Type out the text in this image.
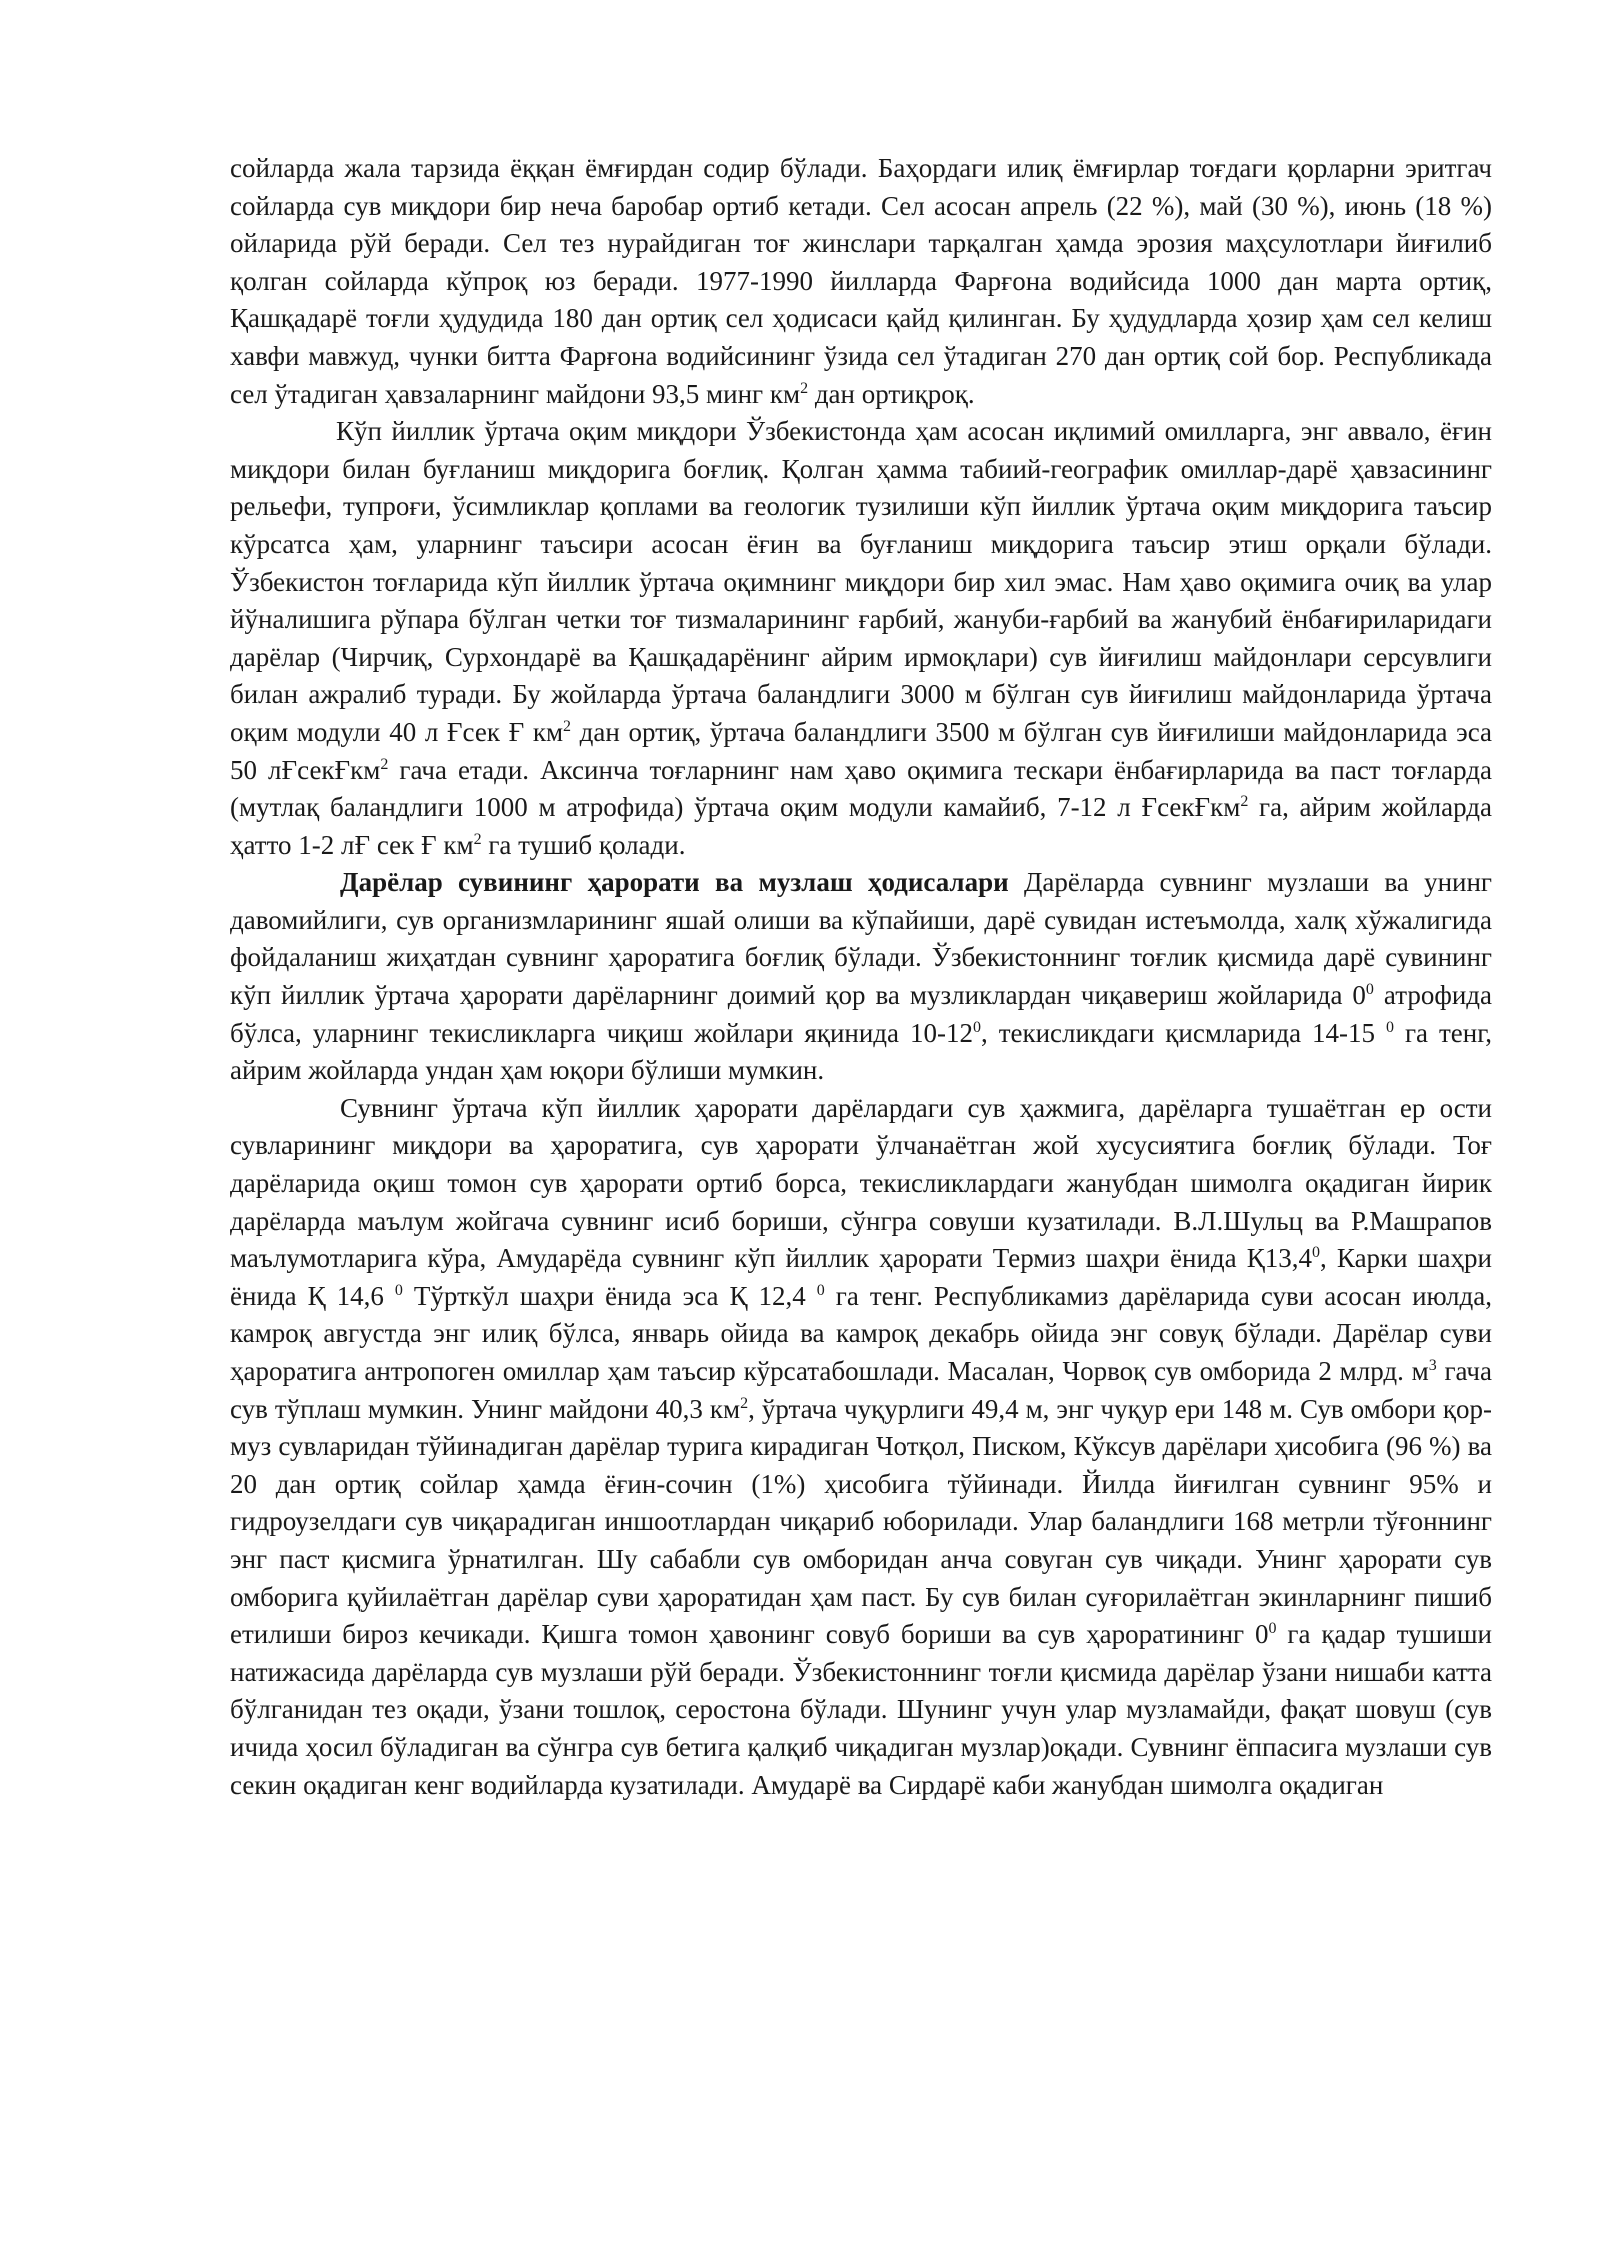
сойларда жала тарзида ёққан ёмғирдан содир бўлади. Баҳордаги илиқ ёмғирлар тоғдаги қорларни эритгач сойларда сув миқдори бир неча баробар ортиб кетади. Сел асосан апрель (22 %), май (30 %), июнь (18 %) ойларида рўй беради. Сел тез нурайдиган тоғ жинслари тарқалган ҳамда эрозия маҳсулотлари йиғилиб қолган сойларда кўпроқ юз беради. 1977-1990 йилларда Фарғона водийсида 1000 дан марта ортиқ, Қашқадарё тоғли ҳудудида 180 дан ортиқ сел ҳодисаси қайд қилинган. Бу ҳудудларда ҳозир ҳам сел келиш хавфи мавжуд, чунки битта Фарғона водийсининг ўзида сел ўтадиган 270 дан ортиқ сой бор. Республикада сел ўтадиган ҳавзаларнинг майдони 93,5 минг $км^2$ дан ортиқроқ.

Кўп йиллик ўртача оқим миқдори Ўзбекистонда ҳам асосан иқлимий омилларга, энг аввало, ёғин миқдори билан буғланиш миқдорига боғлиқ. Қолган ҳамма табиий-географик омиллар-дарё ҳавзасининг рельефи, тупроғи, ўсимликлар қоплами ва геологик тузилиши кўп йиллик ўртача оқим миқдорига таъсир кўрсатса ҳам, уларнинг таъсири асосан ёғин ва буғланиш миқдорига таъсир этиш орқали бўлади. Ўзбекистон тоғларида кўп йиллик ўртача оқимнинг миқдори бир хил эмас. Нам ҳаво оқимига очиқ ва улар йўналишига рўпара бўлган четки тоғ тизмаларининг ғарбий, жануби-ғарбий ва жанубий ёнбағириларидаги дарёлар (Чирчиқ, Сурхондарё ва Қашқадарёнинг айрим ирмоқлари) сув йиғилиш майдонлари серсувлиги билан ажралиб туради. Бу жойларда ўртача баландлиги 3000 м бўлган сув йиғилиш майдонларида ўртача оқим модули 40 л Ғсек Ғ $км^2$ дан ортиқ, ўртача баландлиги 3500 м бўлган сув йиғилиши майдонларида эса 50 лҒсекҒкм$^2$ гача етади. Аксинча тоғларнинг нам ҳаво оқимига тескари ёнбағирларида ва паст тоғларда (мутлақ баландлиги 1000 м атрофида) ўртача оқим модули камайиб, 7-12 л ҒсекҒкм$^2$ га, айрим жойларда ҳатто 1-2 лҒ сек Ғ $км^2$ га тушиб қолади.

Дарёлар сувининг ҳарорати ва музлаш ҳодисалари Дарёларда сувнинг музлаши ва унинг давомийлиги, сув организмларининг яшай олиши ва кўпайиши, дарё сувидан истеъмолда, халқ хўжалигида фойдаланиш жиҳатдан сувнинг ҳароратига боғлиқ бўлади. Ўзбекистоннинг тоғлик қисмида дарё сувининг кўп йиллик ўртача ҳарорати дарёларнинг доимий қор ва музликлардан чиқавериш жойларида $0^0$ атрофида бўлса, уларнинг текисликларга чиқиш жойлари яқинида $10-12^0$, текисликдаги қисмларида 14-15 $^0$ га тенг, айрим жойларда ундан ҳам юқори бўлиши мумкин.

Сувнинг ўртача кўп йиллик ҳарорати дарёлардаги сув ҳажмига, дарёларга тушаётган ер ости сувларининг миқдори ва ҳароратига, сув ҳарорати ўлчанаётган жой хусусиятига боғлиқ бўлади. Тоғ дарёларида оқиш томон сув ҳарорати ортиб борса, текисликлардаги жанубдан шимолга оқадиган йирик дарёларда маълум жойгача сувнинг исиб бориши, сўнгра совуши кузатилади. В.Л.Шульц ва Р.Машрапов маълумотларига кўра, Амударёда сувнинг кўп йиллик ҳарорати Термиз шаҳри ёнида Қ13,4$^0$, Карки шаҳри ёнида Қ 14,6 $^0$ Тўрткўл шаҳри ёнида эса Қ 12,4 $^0$ га тенг. Республикамиз дарёларида суви асосан июлда, камроқ августда энг илиқ бўлса, январь ойида ва камроқ декабрь ойида энг совуқ бўлади. Дарёлар суви ҳароратига антропоген омиллар ҳам таъсир кўрсатабошлади. Масалан, Чорвоқ сув омборида 2 млрд. $м^3$ гача сув тўплаш мумкин. Унинг майдони 40,3 $км^2$, ўртача чуқурлиги 49,4 м, энг чуқур ери 148 м. Сув омбори қор-муз сувларидан тўйинадиган дарёлар турига кирадиган Чотқол, Писком, Кўксув дарёлари ҳисобига (96 %) ва 20 дан ортиқ сойлар ҳамда ёғин-сочин (1%) ҳисобига тўйинади. Йилда йиғилган сувнинг 95% и гидроузелдаги сув чиқарадиган иншоотлардан чиқариб юборилади. Улар баландлиги 168 метрли тўғоннинг энг паст қисмига ўрнатилган. Шу сабабли сув омборидан анча совуган сув чиқади. Унинг ҳарорати сув омборига қуйилаётган дарёлар суви ҳароратидан ҳам паст. Бу сув билан суғорилаётган экинларнинг пишиб етилиши бироз кечикади. Қишга томон ҳавонинг совуб бориши ва сув ҳароратининг $0^0$ га қадар тушиши натижасида дарёларда сув музлаши рўй беради. Ўзбекистоннинг тоғли қисмида дарёлар ўзани нишаби катта бўлганидан тез оқади, ўзани тошлоқ, серостона бўлади. Шунинг учун улар музламайди, фақат шовуш (сув ичида ҳосил бўладиган ва сўнгра сув бетига қалқиб чиқадиган музлар)оқади. Сувнинг ёппасига музлаши сув секин оқадиган кенг водийларда кузатилади. Амударё ва Сирдарё каби жанубдан шимолга оқадиган
